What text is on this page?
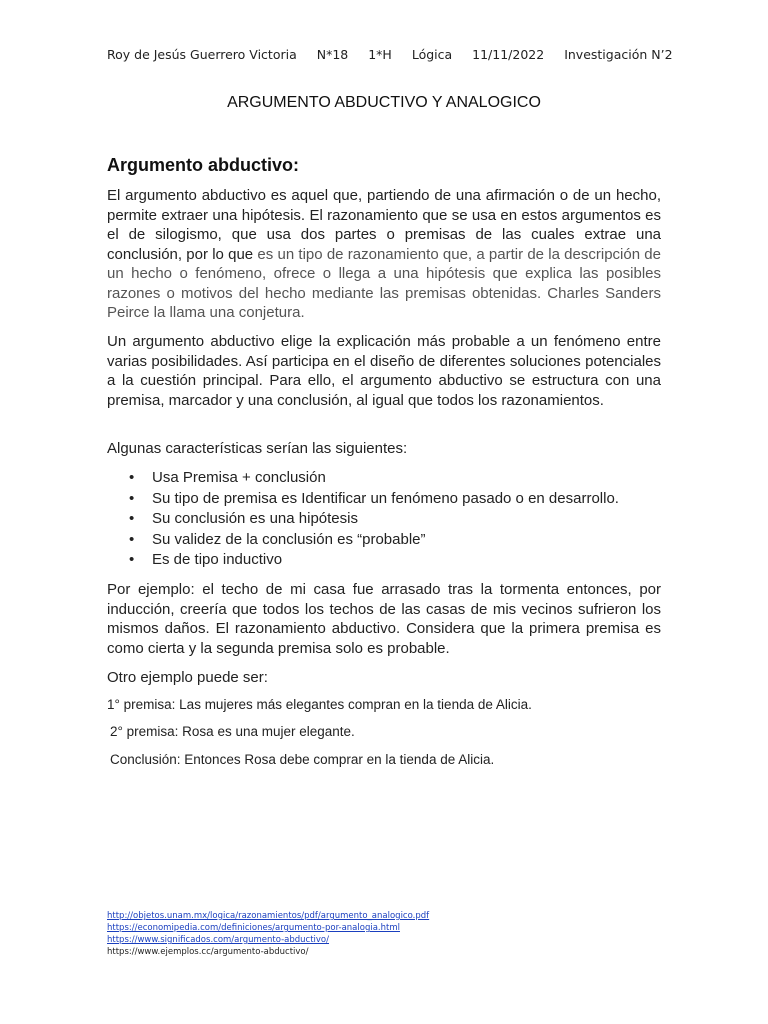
Roy de Jesús Guerrero Victoria N*18 1*H Lógica 11/11/2022 Investigación N’2
ARGUMENTO ABDUCTIVO Y ANALOGICO
Argumento abductivo:

El argumento abductivo es aquel que, partiendo de una afirmación o de un hecho, permite extraer una hipótesis. El razonamiento que se usa en estos argumentos es el de silogismo, que usa dos partes o premisas de las cuales extrae una conclusión, por lo que es un tipo de razonamiento que, a partir de la descripción de un hecho o fenómeno, ofrece o llega a una hipótesis que explica las posibles razones o motivos del hecho mediante las premisas obtenidas. Charles Sanders Peirce la llama una conjetura.

Un argumento abductivo elige la explicación más probable a un fenómeno entre varias posibilidades. Así participa en el diseño de diferentes soluciones potenciales a la cuestión principal. Para ello, el argumento abductivo se estructura con una premisa, marcador y una conclusión, al igual que todos los razonamientos.

Algunas características serían las siguientes:

• Usa Premisa + conclusión
• Su tipo de premisa es Identificar un fenómeno pasado o en desarrollo.
• Su conclusión es una hipótesis
• Su validez de la conclusión es “probable”
• Es de tipo inductivo

Por ejemplo: el techo de mi casa fue arrasado tras la tormenta entonces, por inducción, creería que todos los techos de las casas de mis vecinos sufrieron los mismos daños. El razonamiento abductivo. Considera que la primera premisa es como cierta y la segunda premisa solo es probable.

Otro ejemplo puede ser:

1° premisa: Las mujeres más elegantes compran en la tienda de Alicia.
2° premisa: Rosa es una mujer elegante.
Conclusión: Entonces Rosa debe comprar en la tienda de Alicia.
http://objetos.unam.mx/logica/razonamientos/pdf/argumento_analogico.pdf
https://economipedia.com/definiciones/argumento-por-analogia.html
https://www.significados.com/argumento-abductivo/
https://www.ejemplos.cc/argumento-abductivo/
